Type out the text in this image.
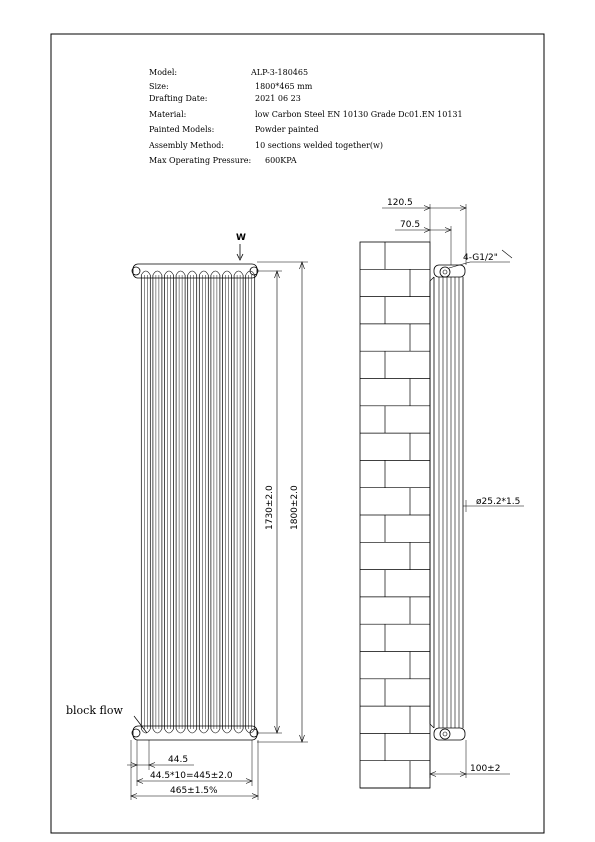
Model:	ALP-3-180465
Size:	1800*465 mm
Drafting Date:	2021 06 23
Material:	low Carbon Steel EN 10130 Grade Dc01.EN 10131
Painted Models:	Powder painted
Assembly Method:	10 sections welded together(w)
Max Operating Pressure: 600KPA
W
block flow
1730±2.0 1800±2.0
44.5
44.5*10=445±2.0
465±1.5%
120.5
70.5
4-G1/2"
ø25.2*1.5
100±2
